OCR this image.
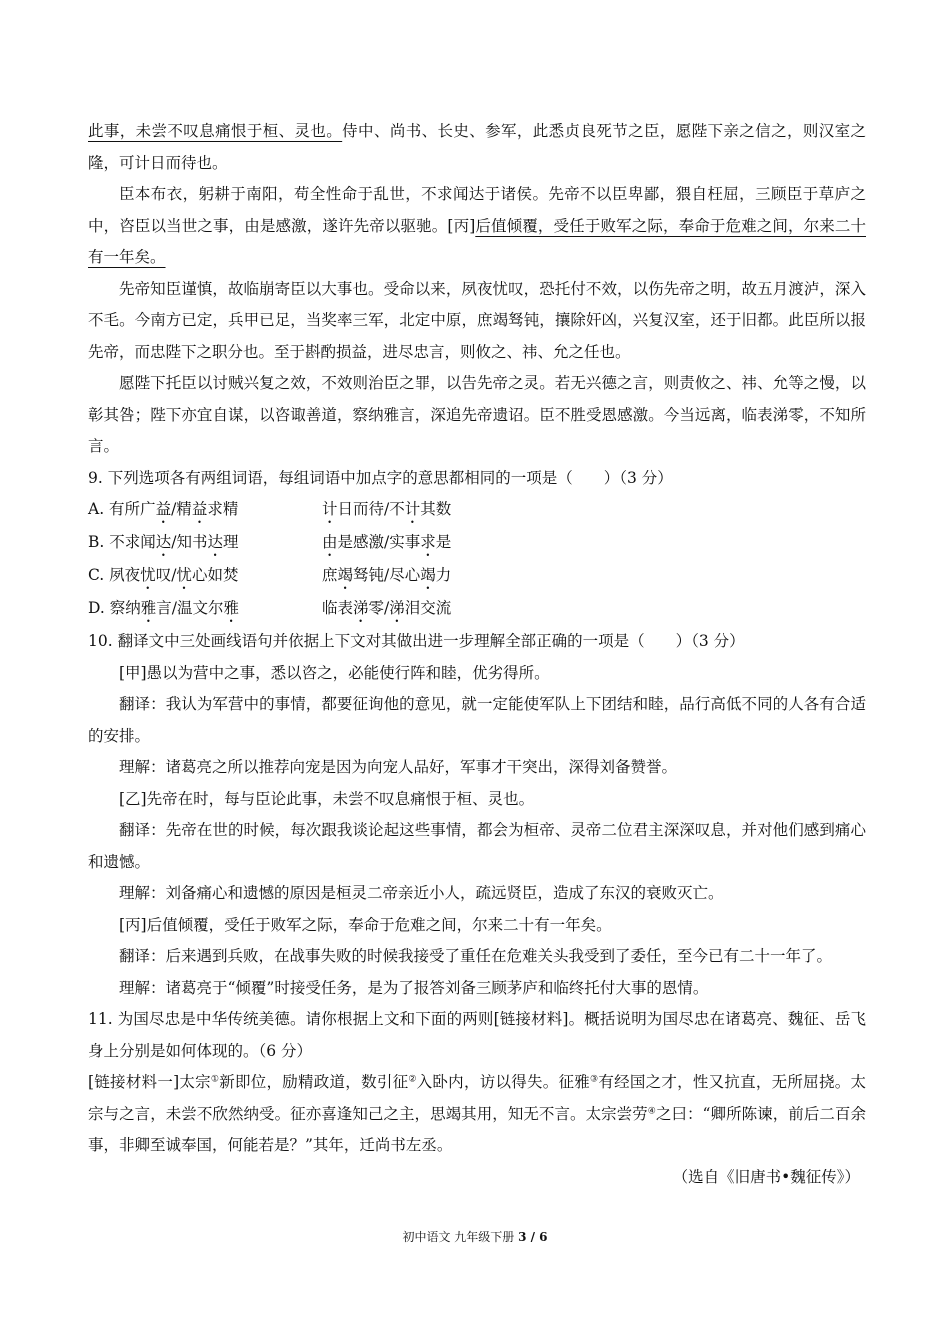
此事，未尝不叹息痛恨于桓、灵也。侍中、尚书、长史、参军，此悉贞良死节之臣，愿陛下亲之信之，则汉室之隆，可计日而待也。

臣本布衣，躬耕于南阳，苟全性命于乱世，不求闻达于诸侯。先帝不以臣卑鄙，猥自枉屈，三顾臣于草庐之中，咨臣以当世之事，由是感激，遂许先帝以驱驰。[丙]后值倾覆，受任于败军之际，奉命于危难之间，尔来二十有一年矣。

先帝知臣谨慎，故临崩寄臣以大事也。受命以来，夙夜忧叹，恐托付不效，以伤先帝之明，故五月渡泸，深入不毛。今南方已定，兵甲已足，当奖率三军，北定中原，庶竭驽钝，攘除奸凶，兴复汉室，还于旧都。此臣所以报先帝，而忠陛下之职分也。至于斟酌损益，进尽忠言，则攸之、祎、允之任也。

愿陛下托臣以讨贼兴复之效，不效则治臣之罪，以告先帝之灵。若无兴德之言，则责攸之、祎、允等之慢，以彰其咎；陛下亦宜自谋，以咨诹善道，察纳雅言，深追先帝遗诏。臣不胜受恩感激。今当远离，临表涕零，不知所言。

9. 下列选项各有两组词语，每组词语中加点字的意思都相同的一项是（　　）（3 分）

A. 有所广益/精益求精	计日而待/不计其数

B. 不求闻达/知书达理	由是感激/实事求是

C. 夙夜忧叹/忧心如焚	庶竭驽钝/尽心竭力

D. 察纳雅言/温文尔雅	临表涕零/涕泪交流

10. 翻译文中三处画线语句并依据上下文对其做出进一步理解全部正确的一项是（　　）（3 分）

[甲]愚以为营中之事，悉以咨之，必能使行阵和睦，优劣得所。

翻译：我认为军营中的事情，都要征询他的意见，就一定能使军队上下团结和睦，品行高低不同的人各有合适的安排。

理解：诸葛亮之所以推荐向宠是因为向宠人品好，军事才干突出，深得刘备赞誉。

[乙]先帝在时，每与臣论此事，未尝不叹息痛恨于桓、灵也。

翻译：先帝在世的时候，每次跟我谈论起这些事情，都会为桓帝、灵帝二位君主深深叹息，并对他们感到痛心和遗憾。

理解：刘备痛心和遗憾的原因是桓灵二帝亲近小人，疏远贤臣，造成了东汉的衰败灭亡。

[丙]后值倾覆，受任于败军之际，奉命于危难之间，尔来二十有一年矣。

翻译：后来遇到兵败，在战事失败的时候我接受了重任在危难关头我受到了委任，至今已有二十一年了。

理解：诸葛亮于“倾覆”时接受任务，是为了报答刘备三顾茅庐和临终托付大事的恩情。

11. 为国尽忠是中华传统美德。请你根据上文和下面的两则[链接材料]。概括说明为国尽忠在诸葛亮、魏征、岳飞身上分别是如何体现的。（6 分）

[链接材料一]太宗①新即位，励精政道，数引征②入卧内，访以得失。征雅③有经国之才，性又抗直，无所屈挠。太宗与之言，未尝不欣然纳受。征亦喜逢知己之主，思竭其用，知无不言。太宗尝劳④之曰：“卿所陈谏，前后二百余事，非卿至诚奉国，何能若是？”其年，迁尚书左丞。

（选自《旧唐书•魏征传》）

初中语文 九年级下册 3 / 6
